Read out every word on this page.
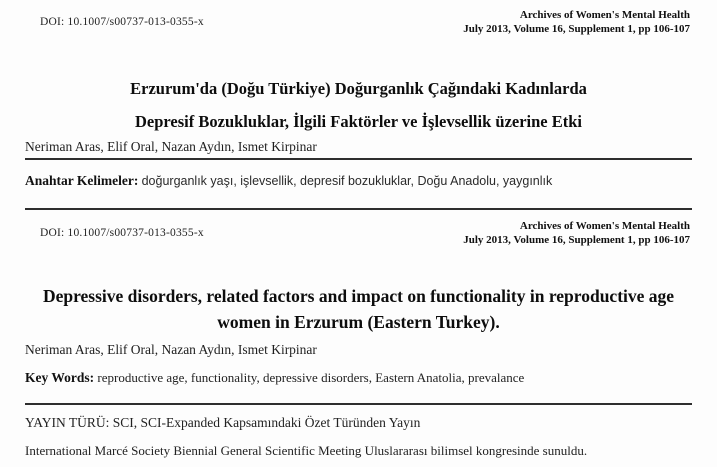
DOI: 10.1007/s00737-013-0355-x
Archives of Women's Mental Health
July 2013, Volume 16, Supplement 1, pp 106-107
Erzurum'da (Doğu Türkiye) Doğurganlık Çağındaki Kadınlarda
Depresif Bozukluklar, İlgili Faktörler ve İşlevsellik üzerine Etki
Neriman Aras, Elif Oral, Nazan Aydın, Ismet Kirpinar
Anahtar Kelimeler: doğurganlık yaşı, işlevsellik, depresif bozukluklar, Doğu Anadolu, yaygınlık
DOI: 10.1007/s00737-013-0355-x
Archives of Women's Mental Health
July 2013, Volume 16, Supplement 1, pp 106-107
Depressive disorders, related factors and impact on functionality in reproductive age
women in Erzurum (Eastern Turkey).
Neriman Aras, Elif Oral, Nazan Aydın, Ismet Kirpinar
Key Words: reproductive age, functionality, depressive disorders, Eastern Anatolia, prevalance
YAYIN TÜRÜ: SCI, SCI-Expanded Kapsamındaki Özet Türünden Yayın
International Marcé Society Biennial General Scientific Meeting Uluslararası bilimsel kongresinde sunuldu.
